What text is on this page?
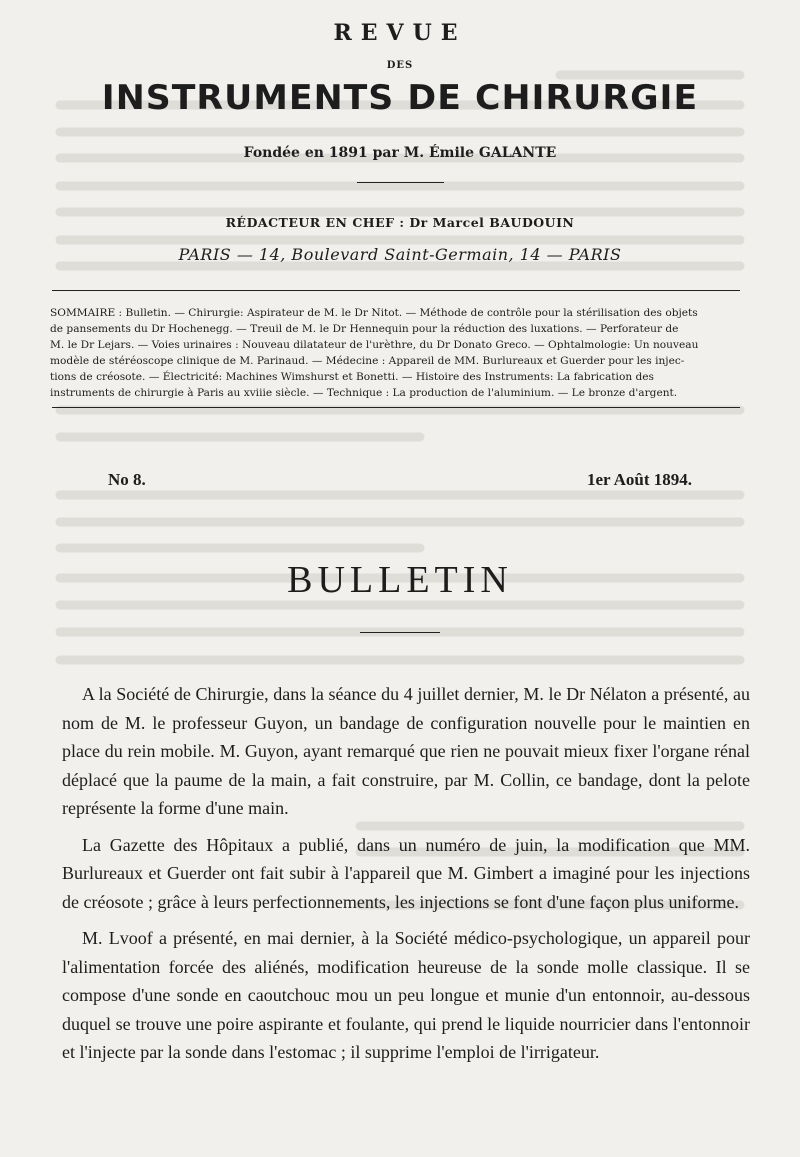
REVUE
DES
INSTRUMENTS DE CHIRURGIE
Fondée en 1891 par M. Émile GALANTE
RÉDACTEUR EN CHEF : Dr Marcel BAUDOUIN
PARIS — 14, Boulevard Saint-Germain, 14 — PARIS
SOMMAIRE : Bulletin. — Chirurgie: Aspirateur de M. le Dr Nitot. — Méthode de contrôle pour la stérilisation des objets
de pansements du Dr Hochenegg. — Treuil de M. le Dr Hennequin pour la réduction des luxations. — Perforateur de
M. le Dr Lejars. — Voies urinaires : Nouveau dilatateur de l'urèthre, du Dr Donato Greco. — Ophtalmologie: Un nouveau
modèle de stéréoscope clinique de M. Parinaud. — Médecine : Appareil de MM. Burlureaux et Guerder pour les injec-
tions de créosote. — Électricité: Machines Wimshurst et Bonetti. — Histoire des Instruments: La fabrication des
instruments de chirurgie à Paris au xviiie siècle. — Technique : La production de l'aluminium. — Le bronze d'argent.
No 8.	1er Août 1894.
BULLETIN

A la Société de Chirurgie, dans la séance du 4 juillet dernier, M. le Dr Nélaton a présenté, au nom de M. le professeur Guyon, un bandage de configuration nouvelle pour le maintien en place du rein mobile. M. Guyon, ayant remarqué que rien ne pouvait mieux fixer l'organe rénal déplacé que la paume de la main, a fait construire, par M. Collin, ce bandage, dont la pelote représente la forme d'une main.

La Gazette des Hôpitaux a publié, dans un numéro de juin, la modification que MM. Burlureaux et Guerder ont fait subir à l'appareil que M. Gimbert a imaginé pour les injections de créosote ; grâce à leurs perfectionnements, les injections se font d'une façon plus uniforme.

M. Lvoof a présenté, en mai dernier, à la Société médico-psychologique, un appareil pour l'alimentation forcée des aliénés, modification heureuse de la sonde molle classique. Il se compose d'une sonde en caoutchouc mou un peu longue et munie d'un entonnoir, au-dessous duquel se trouve une poire aspirante et foulante, qui prend le liquide nourricier dans l'entonnoir et l'injecte par la sonde dans l'estomac ; il supprime l'emploi de l'irrigateur.
